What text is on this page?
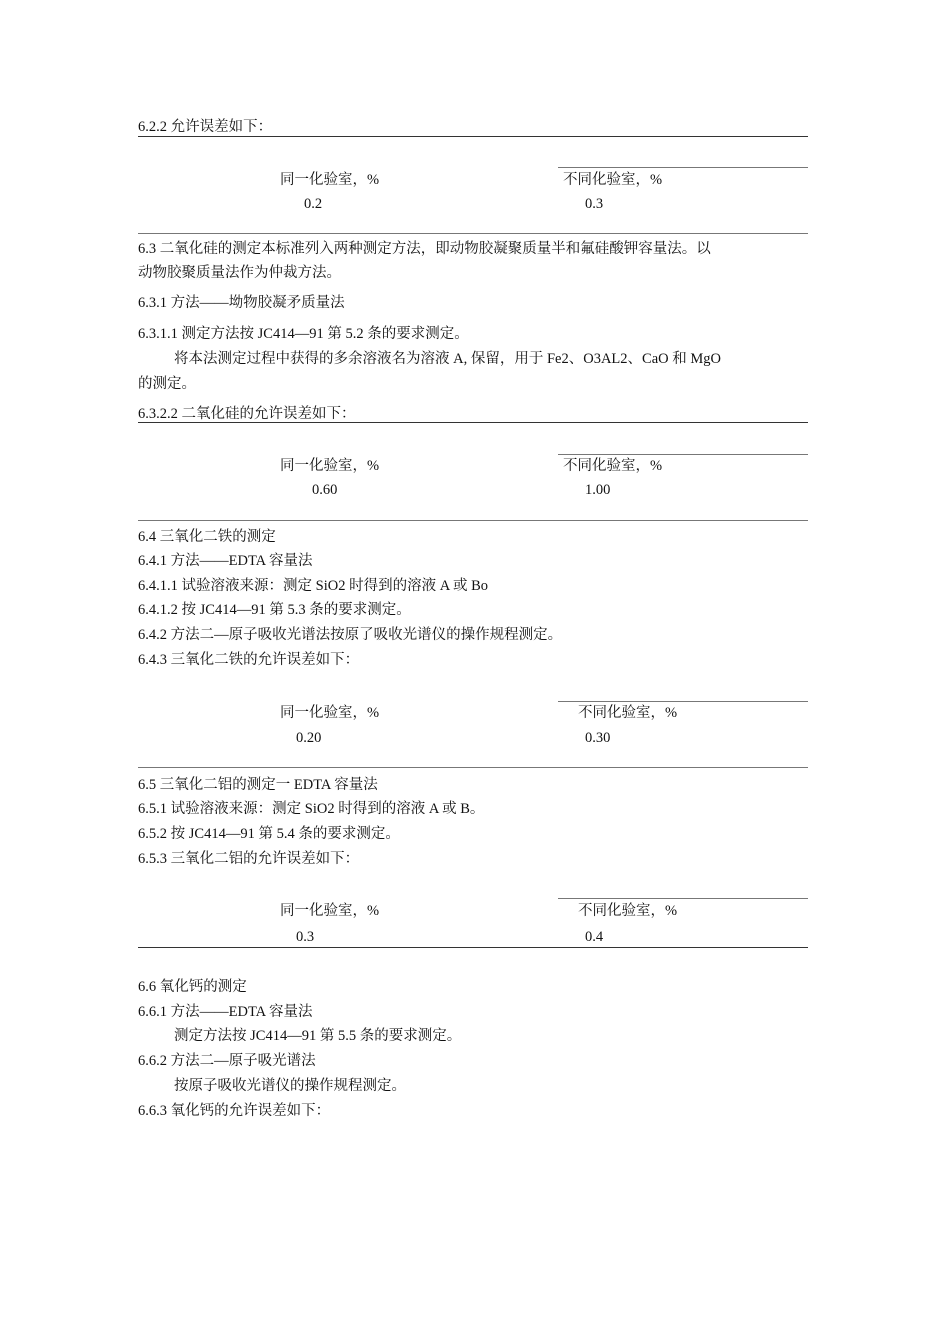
6.2.2 允许误差如下：
同一化验室，%	不同化验室，%
0.2	0.3
6.3 二氧化硅的测定本标准列入两种测定方法，即动物胶凝聚质量半和氟硅酸钾容量法。以
动物胶聚质量法作为仲裁方法。
6.3.1 方法——坳物胶凝矛质量法
6.3.1.1 测定方法按 JC414—91 第 5.2 条的要求测定。
将本法测定过程中获得的多余溶液名为溶液 A, 保留，用于 Fe2、O3AL2、CaO 和 MgO
的测定。
6.3.2.2 二氧化硅的允许误差如下：
同一化验室，%	不同化验室，%
0.60	1.00
6.4 三氧化二铁的测定
6.4.1 方法——EDTA 容量法
6.4.1.1 试验溶液来源：测定 SiO2 时得到的溶液 A 或 Bo
6.4.1.2 按 JC414—91 第 5.3 条的要求测定。
6.4.2 方法二—原子吸收光谱法按原了吸收光谱仪的操作规程测定。
6.4.3 三氧化二铁的允许误差如下：
同一化验室，%	不同化验室，%
0.20	0.30
6.5 三氧化二铝的测定一 EDTA 容量法
6.5.1 试验溶液来源：测定 SiO2 时得到的溶液 A 或 B。
6.5.2 按 JC414—91 第 5.4 条的要求测定。
6.5.3 三氧化二铝的允许误差如下：
同一化验室，%	不同化验室，%
0.3	0.4
6.6 氧化钙的测定
6.6.1 方法——EDTA 容量法
测定方法按 JC414—91 第 5.5 条的要求测定。
6.6.2 方法二—原子吸光谱法
按原子吸收光谱仪的操作规程测定。
6.6.3 氧化钙的允许误差如下：
